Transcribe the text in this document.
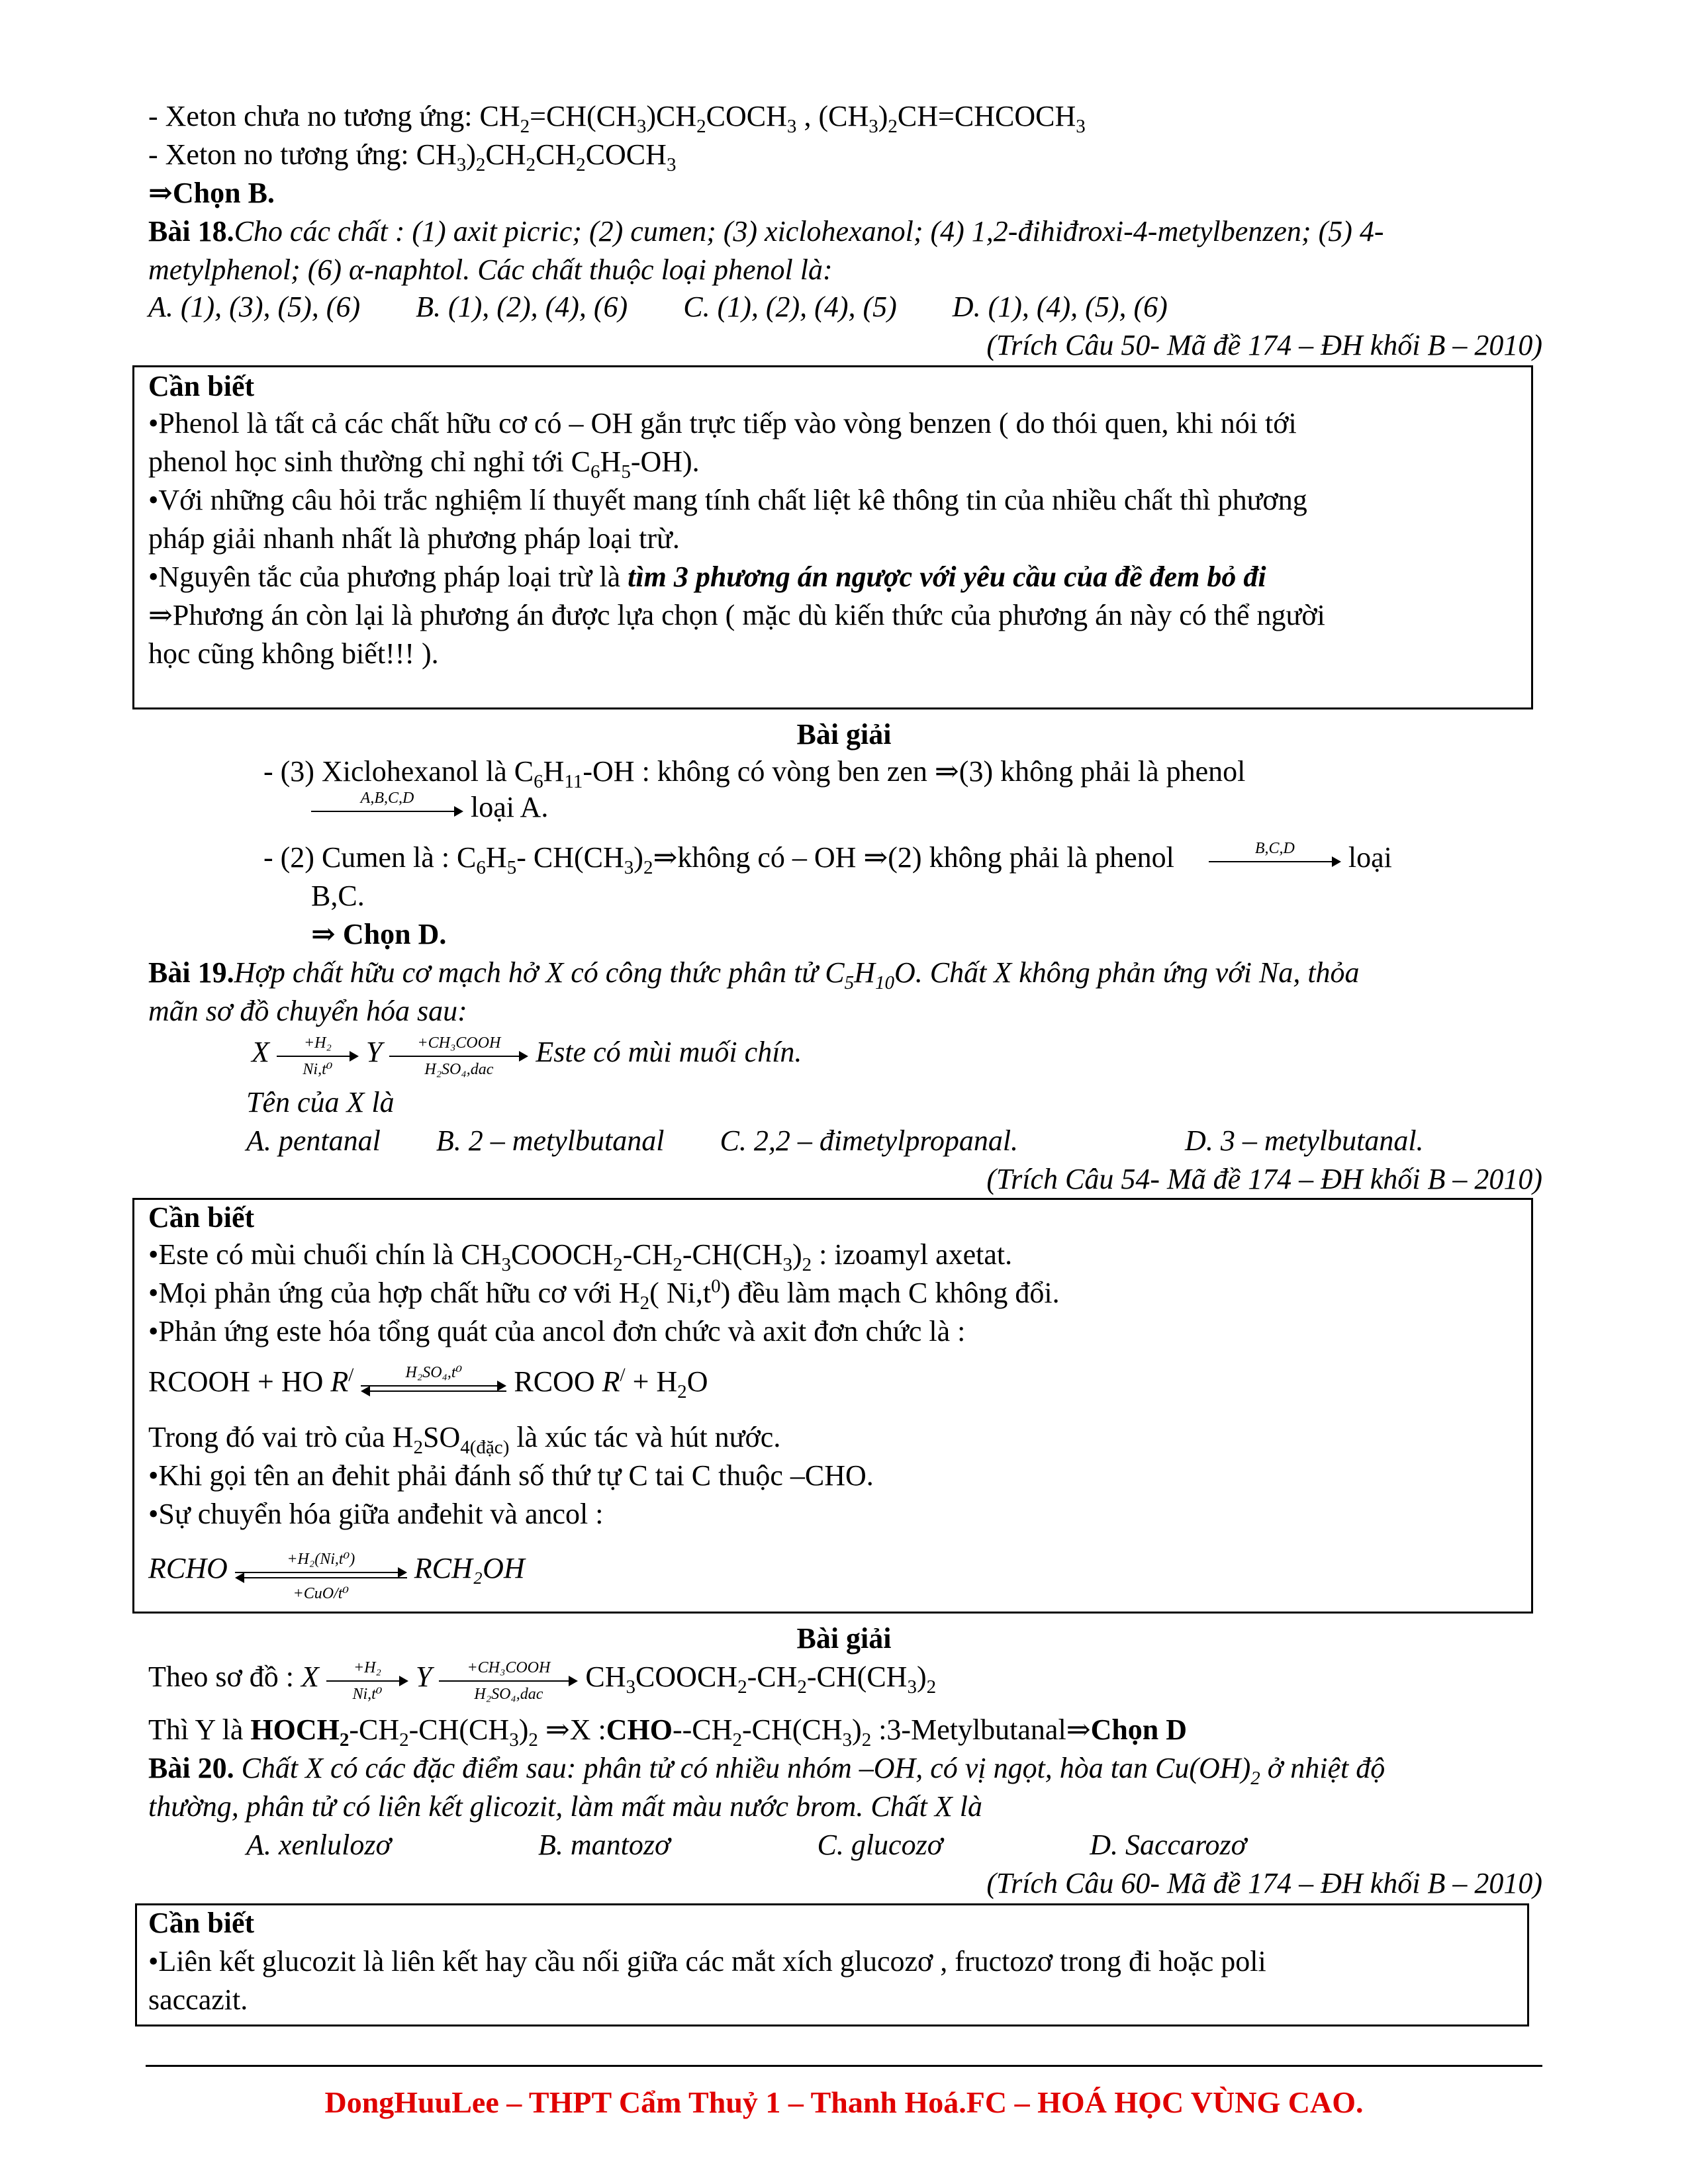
- Xeton chưa no tương ứng: $CH_2=CH(CH_3)CH_2COCH_3$ , $(CH_3)_2CH=CHCOCH_3$
- Xeton no tương ứng: $CH_3)_2CH_2CH_2COCH_3$
⇒Chọn B.
Bài 18.Cho các chất : (1) axit picric; (2) cumen; (3) xiclohexanol; (4) 1,2-đihiđroxi-4-metylbenzen; (5) 4-
metylphenol; (6) α-naphtol. Các chất thuộc loại phenol là:
A. (1), (3), (5), (6) B. (1), (2), (4), (6) C. (1), (2), (4), (5) D. (1), (4), (5), (6)
(Trích Câu 50- Mã đề 174 – ĐH khối B – 2010)
Cần biết
•Phenol là tất cả các chất hữu cơ có – OH gắn trực tiếp vào vòng benzen ( do thói quen, khi nói tới
phenol học sinh thường chỉ nghỉ tới $C_6H_5-OH$).
•Với những câu hỏi trắc nghiệm lí thuyết mang tính chất liệt kê thông tin của nhiều chất thì phương
pháp giải nhanh nhất là phương pháp loại trừ.
•Nguyên tắc của phương pháp loại trừ là tìm 3 phương án ngược với yêu cầu của đề đem bỏ đi
⇒Phương án còn lại là phương án được lựa chọn ( mặc dù kiến thức của phương án này có thể người
học cũng không biết!!! ).
Bài giải
- (3) Xiclohexanol là $C_6H_{11}-OH$ : không có vòng ben zen ⇒(3) không phải là phenol
A,B,C,D	loại A.
- (2) Cumen là : $C_6H_5-$ $CH(CH_3)_2\Rightarrow không$ có – OH ⇒(2) không phải là phenol	B,C,D	loại
B,C.
⇒ Chọn D.
Bài 19.Hợp chất hữu cơ mạch hở X có công thức phân tử $C_5H_{10}O$. Chất X không phản ứng với Na, thỏa
mãn sơ đồ chuyển hóa sau:
X $\frac{\text{+H₂}}{\text{Ni,t⁰}}$ Y	+CH₃COOH
H₂SO₄,dac
Este có mùi muối chín.
Tên của X là
A. pentanal B. 2 – metylbutanal C. 2,2 – đimetylpropanal.	D. 3 – metylbutanal.
(Trích Câu 54- Mã đề 174 – ĐH khối B – 2010)
Cần biết
•Este có mùi chuối chín là $CH_3COOCH_2-CH_2-CH(CH_3)_2$ : izoamyl axetat.
•Mọi phản ứng của hợp chất hữu cơ với $H_2$( $Ni,t^0$) đều làm mạch C không đổi.
•Phản ứng este hóa tổng quát của ancol đơn chức và axit đơn chức là :
RCOOH + HO R/	H₂SO₄,t⁰	RCOO $R^/ + H_2O$
Trong đó vai trò của $H_2SO_{4(đặc)}$ là xúc tác và hút nước.
•Khi gọi tên an đehit phải đánh số thứ tự C tai C thuộc –CHO.
•Sự chuyển hóa giữa anđehit và ancol :
RCHO	+H₂(Ni,t⁰)
+CuO/t⁰
RCH₂OH
Bài giải
Theo sơ đồ : X $\frac{\text{+H₂}}{\text{Ni,t⁰}}$ Y	+CH₃COOH
H₂SO₄,dac
$CH_3COOCH_2-CH_2-CH(CH_3)_2$
Thì Y là $HOCH_2-CH_2-CH(CH_3)_2$ ⇒X $:CHO--CH_2-CH(CH_3)_2$ :3-Metylbutanal⇒Chọn D
Bài 20. Chất X có các đặc điểm sau: phân tử có nhiều nhóm –OH, có vị ngọt, hòa $\tan Cu(OH)_2$ ở nhiệt độ
thường, phân tử có liên kết glicozit, làm mất màu nước brom. Chất X là
A. xenlulozơ	B. mantozơ	C. glucozơ	D. Saccarozơ
(Trích Câu 60- Mã đề 174 – ĐH khối B – 2010)
Cần biết
•Liên kết glucozit là liên kết hay cầu nối giữa các mắt xích glucozơ , fructozơ trong đi hoặc poli
saccazit.
DongHuuLee – THPT Cẩm Thuỷ 1 – Thanh Hoá.FC – HOÁ HỌC VÙNG CAO.
